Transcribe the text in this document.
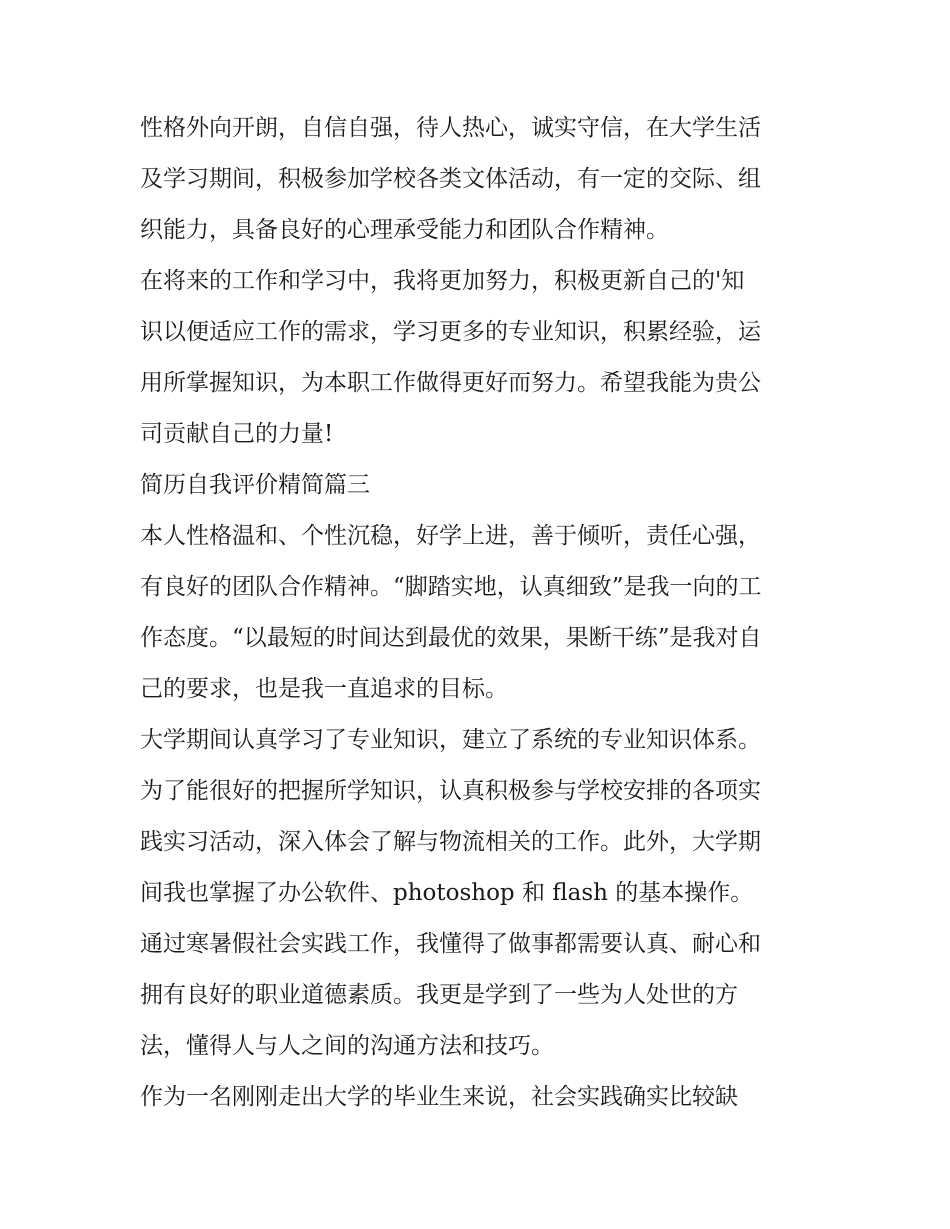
性格外向开朗，自信自强，待人热心，诚实守信，在大学生活
及学习期间，积极参加学校各类文体活动，有一定的交际、组
织能力，具备良好的心理承受能力和团队合作精神。
在将来的工作和学习中，我将更加努力，积极更新自己的'知
识以便适应工作的需求，学习更多的专业知识，积累经验，运
用所掌握知识，为本职工作做得更好而努力。希望我能为贵公
司贡献自己的力量!
简历自我评价精简篇三
本人性格温和、个性沉稳，好学上进，善于倾听，责任心强，
有良好的团队合作精神。“脚踏实地，认真细致”是我一向的工
作态度。“以最短的时间达到最优的效果，果断干练”是我对自
己的要求，也是我一直追求的目标。
大学期间认真学习了专业知识，建立了系统的专业知识体系。
为了能很好的把握所学知识，认真积极参与学校安排的各项实
践实习活动，深入体会了解与物流相关的工作。此外，大学期
间我也掌握了办公软件、photoshop 和 flash 的基本操作。
通过寒暑假社会实践工作，我懂得了做事都需要认真、耐心和
拥有良好的职业道德素质。我更是学到了一些为人处世的方
法，懂得人与人之间的沟通方法和技巧。
作为一名刚刚走出大学的毕业生来说，社会实践确实比较缺
